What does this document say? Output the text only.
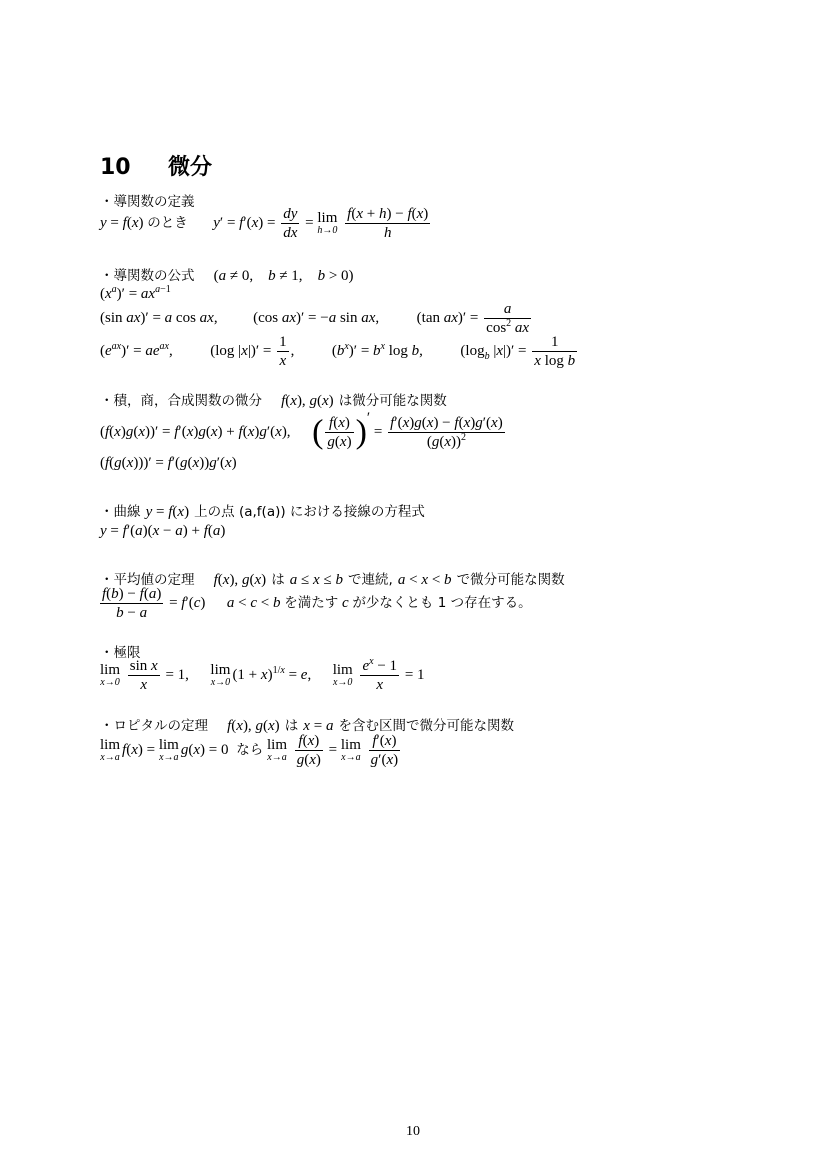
10 微分
・導関数の定義
y = f(x) のとき $y' = f'(x) = \frac{dy}{dx} = \lim$
h→0
$\frac{f(x + h) - f(x)}{h}$
・導関数の公式 (a ≠ 0,    b ≠ 1,    b > 0)
$(x^a)' = ax^{a-1}$
(sin ax)′ = a cos ax, (cos ax)′ = −a sin ax,	(tan $ax)' = \frac{a}{\cos^2 ax}$
$(e^{ax})' = ae^{ax}$,	(log $|x|)' = \frac{1}{x}$ ,  $(b^x)' = b^x$ log b,	($\log_b$ $|x|)' = \frac{1}{\text{x log b}}$
・積，商，合成関数の微分 f(x), g(x) は微分可能な関数
(f(x)g(x))′ = f′(x)g(x) + f(x)g′(x), ( $\frac{f(x)}{g(x)}$ )′ = $\frac{f'(x)g(x) - f(x)g'(x)}{(g(x))^2}$
(f(g(x)))′ = f′(g(x))g′(x)
・曲線 y = f(x) 上の点 (a,f(a)) における接線の方程式
y = f′(a)(x − a) + f(a)
・平均値の定理 f(x), g(x) は a ≤ x ≤ b で連続, a < x < b で微分可能な関数
$\frac{f(b) - f(a)}{b - a} = f'(c) a < c < b$ を満たす c が少なくとも 1 つ存在する。
・極限
lim
x→0
$\frac{\text{sin x}}{x} = 1$,  lim
x→0 $(1 + x)^{1/x} = e$,  lim
x→0
$\frac{e^x - 1}{x} = 1$
・ロピタルの定理 f(x), g(x) は x = a を含む区間で微分可能な関数
lim
x→a f(x) = lim
x→a g(x) = 0 なら lim
x→a
$\frac{f(x)}{g(x)} = \lim$
x→a
$\frac{f'(x)}{g'(x)}$
10
